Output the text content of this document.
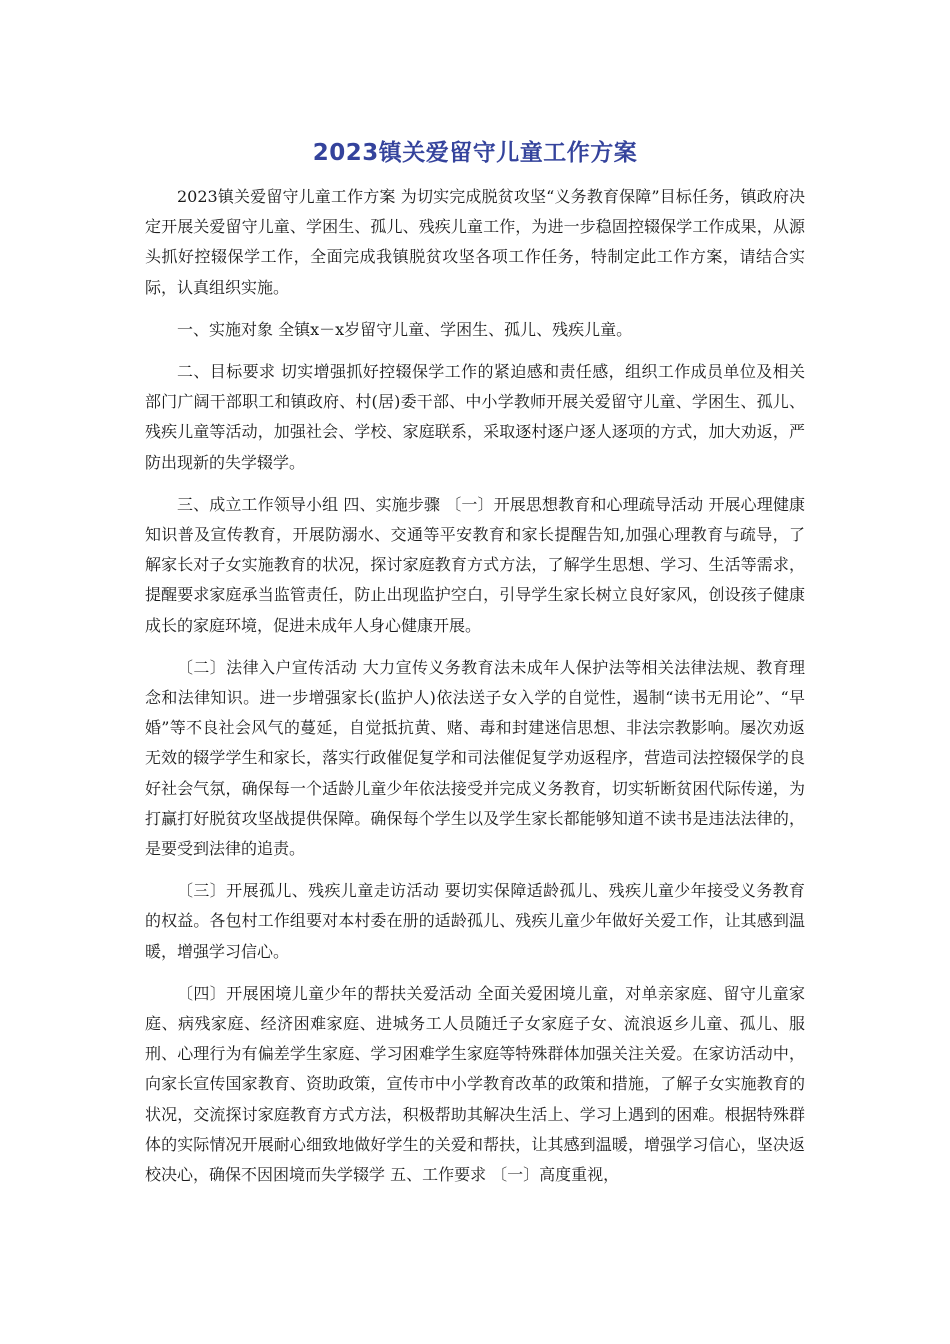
2023镇关爱留守儿童工作方案

2023镇关爱留守儿童工作方案 为切实完成脱贫攻坚“义务教育保障”目标任务，镇政府决定开展关爱留守儿童、学困生、孤儿、残疾儿童工作，为进一步稳固控辍保学工作成果，从源头抓好控辍保学工作，全面完成我镇脱贫攻坚各项工作任务，特制定此工作方案，请结合实际，认真组织实施。

一、实施对象 全镇x－x岁留守儿童、学困生、孤儿、残疾儿童。

二、目标要求 切实增强抓好控辍保学工作的紧迫感和责任感，组织工作成员单位及相关部门广阔干部职工和镇政府、村(居)委干部、中小学教师开展关爱留守儿童、学困生、孤儿、残疾儿童等活动，加强社会、学校、家庭联系，采取逐村逐户逐人逐项的方式，加大劝返，严防出现新的失学辍学。

三、成立工作领导小组 四、实施步骤 〔一〕开展思想教育和心理疏导活动 开展心理健康知识普及宣传教育，开展防溺水、交通等平安教育和家长提醒告知,加强心理教育与疏导，了解家长对子女实施教育的状况，探讨家庭教育方式方法，了解学生思想、学习、生活等需求，提醒要求家庭承当监管责任，防止出现监护空白，引导学生家长树立良好家风，创设孩子健康成长的家庭环境，促进未成年人身心健康开展。

〔二〕法律入户宣传活动 大力宣传义务教育法未成年人保护法等相关法律法规、教育理念和法律知识。进一步增强家长(监护人)依法送子女入学的自觉性，遏制“读书无用论”、“早婚”等不良社会风气的蔓延，自觉抵抗黄、赌、毒和封建迷信思想、非法宗教影响。屡次劝返无效的辍学学生和家长，落实行政催促复学和司法催促复学劝返程序，营造司法控辍保学的良好社会气氛，确保每一个适龄儿童少年依法接受并完成义务教育，切实斩断贫困代际传递，为打赢打好脱贫攻坚战提供保障。确保每个学生以及学生家长都能够知道不读书是违法法律的，是要受到法律的追责。

〔三〕开展孤儿、残疾儿童走访活动 要切实保障适龄孤儿、残疾儿童少年接受义务教育的权益。各包村工作组要对本村委在册的适龄孤儿、残疾儿童少年做好关爱工作，让其感到温暖，增强学习信心。

〔四〕开展困境儿童少年的帮扶关爱活动 全面关爱困境儿童，对单亲家庭、留守儿童家庭、病残家庭、经济困难家庭、进城务工人员随迁子女家庭子女、流浪返乡儿童、孤儿、服刑、心理行为有偏差学生家庭、学习困难学生家庭等特殊群体加强关注关爱。在家访活动中，向家长宣传国家教育、资助政策，宣传市中小学教育改革的政策和措施，了解子女实施教育的状况，交流探讨家庭教育方式方法，积极帮助其解决生活上、学习上遇到的困难。根据特殊群体的实际情况开展耐心细致地做好学生的关爱和帮扶，让其感到温暖，增强学习信心，坚决返校决心，确保不因困境而失学辍学 五、工作要求 〔一〕高度重视，
